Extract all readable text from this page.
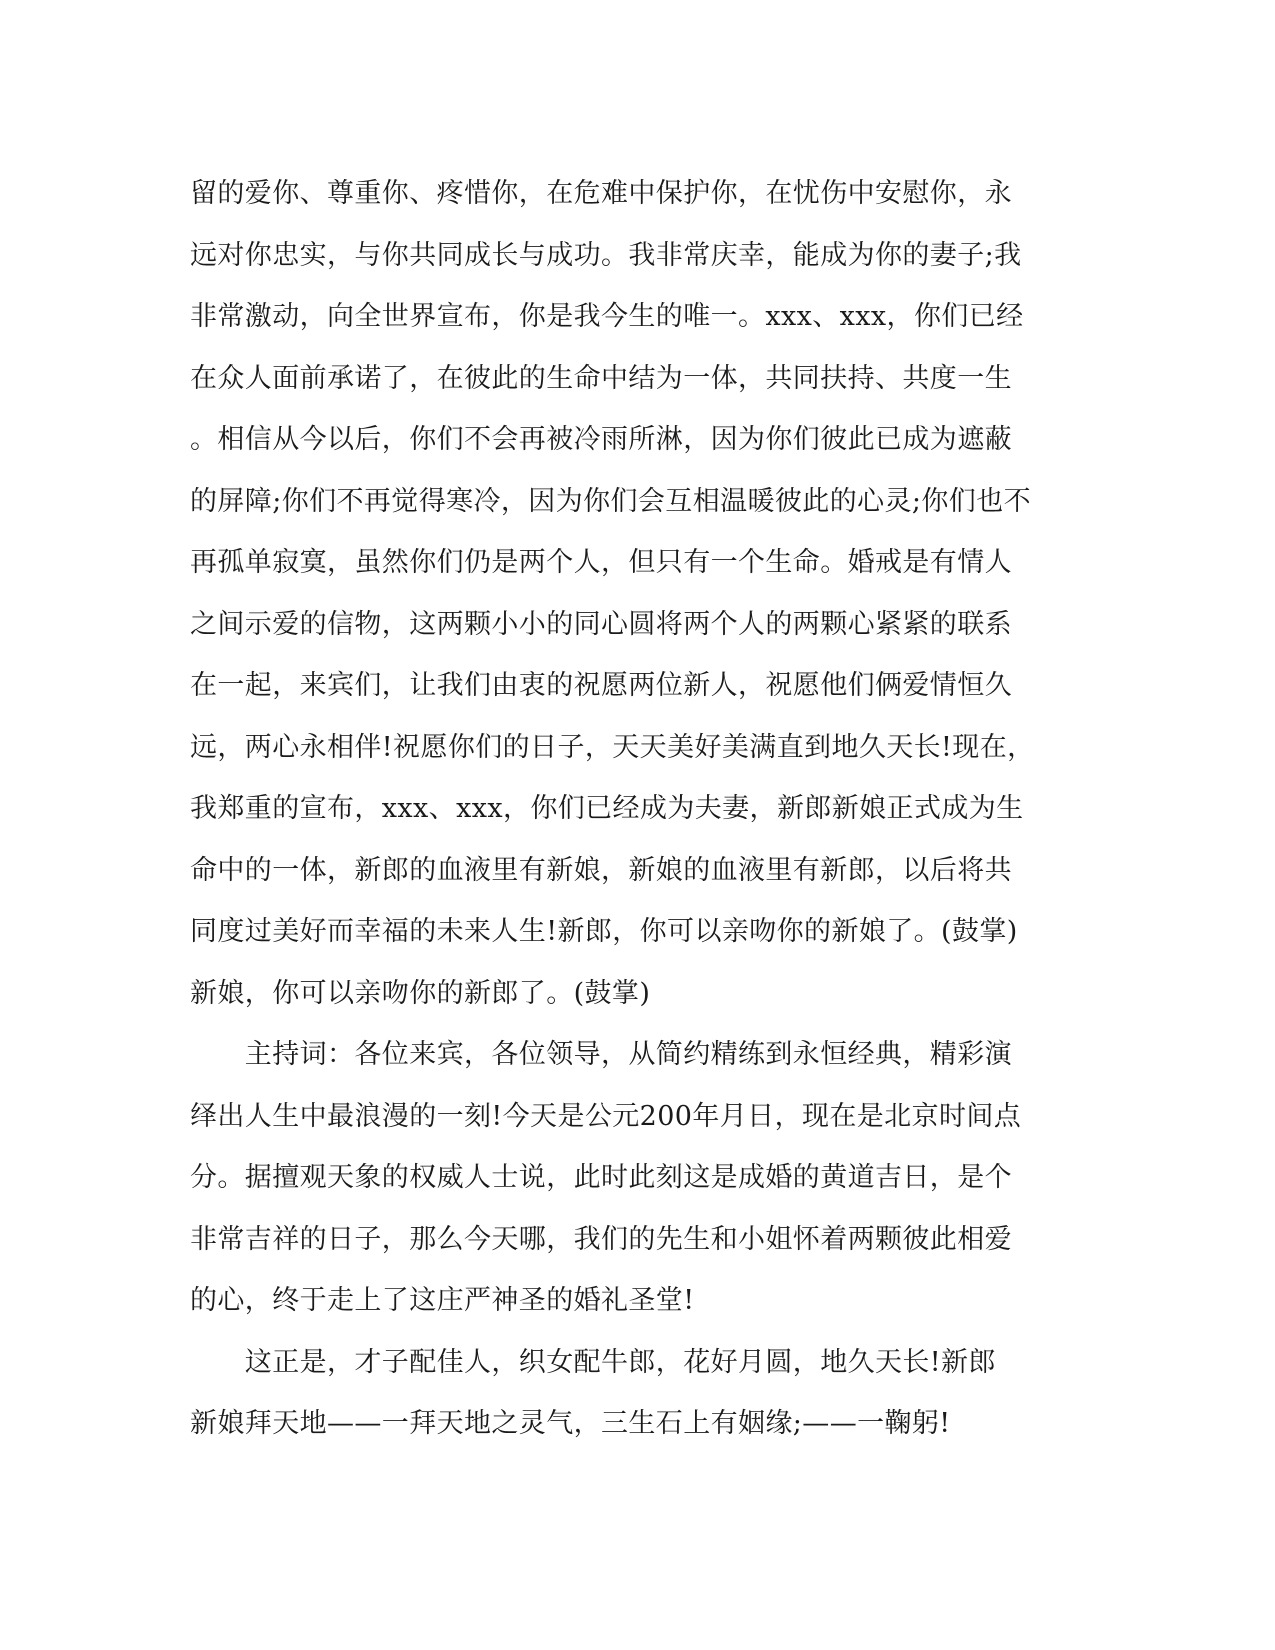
留的爱你、尊重你、疼惜你，在危难中保护你，在忧伤中安慰你，永
远对你忠实，与你共同成长与成功。我非常庆幸，能成为你的妻子;我
非常激动，向全世界宣布，你是我今生的唯一。xxx、xxx，你们已经
在众人面前承诺了，在彼此的生命中结为一体，共同扶持、共度一生
。相信从今以后，你们不会再被冷雨所淋，因为你们彼此已成为遮蔽
的屏障;你们不再觉得寒冷，因为你们会互相温暖彼此的心灵;你们也不
再孤单寂寞，虽然你们仍是两个人，但只有一个生命。婚戒是有情人
之间示爱的信物，这两颗小小的同心圆将两个人的两颗心紧紧的联系
在一起，来宾们，让我们由衷的祝愿两位新人，祝愿他们俩爱情恒久
远，两心永相伴!祝愿你们的日子，天天美好美满直到地久天长!现在，
我郑重的宣布，xxx、xxx，你们已经成为夫妻，新郎新娘正式成为生
命中的一体，新郎的血液里有新娘，新娘的血液里有新郎，以后将共
同度过美好而幸福的未来人生!新郎，你可以亲吻你的新娘了。(鼓掌)
新娘，你可以亲吻你的新郎了。(鼓掌)
　　主持词：各位来宾，各位领导，从简约精练到永恒经典，精彩演
绎出人生中最浪漫的一刻!今天是公元200年月日，现在是北京时间点
分。据擅观天象的权威人士说，此时此刻这是成婚的黄道吉日，是个
非常吉祥的日子，那么今天哪，我们的先生和小姐怀着两颗彼此相爱
的心，终于走上了这庄严神圣的婚礼圣堂!
　　这正是，才子配佳人，织女配牛郎，花好月圆，地久天长!新郎
新娘拜天地——一拜天地之灵气，三生石上有姻缘;——一鞠躬!
